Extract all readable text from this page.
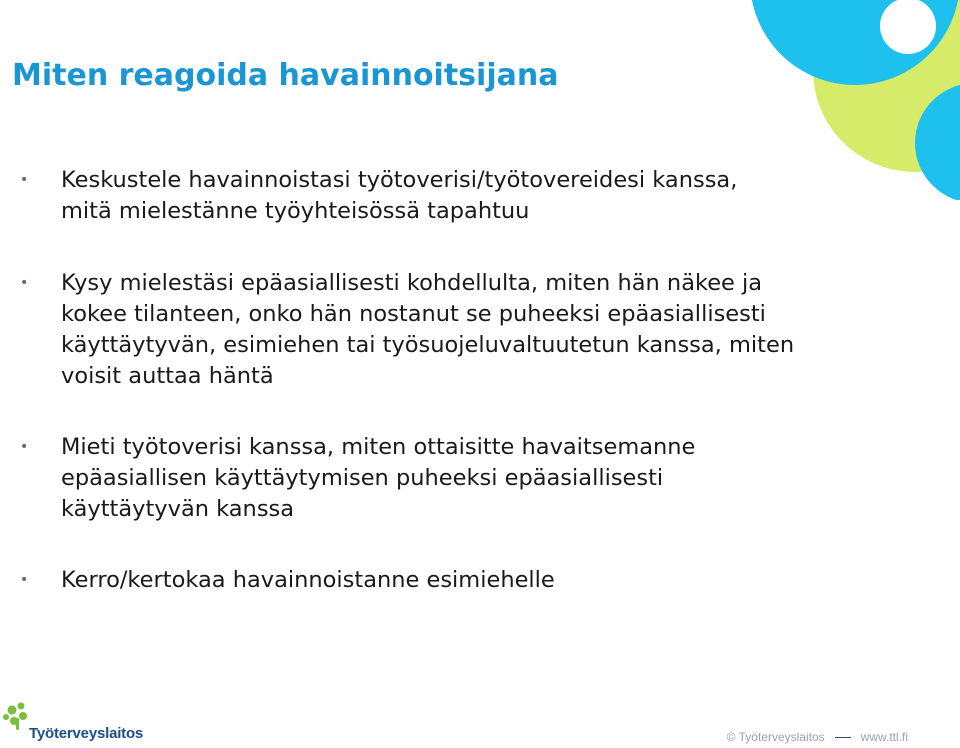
Miten reagoida havainnoitsijana
• Keskustele havainnoistasi työtoverisi/työtovereidesi kanssa, mitä mielestänne työyhteisössä tapahtuu
• Kysy mielestäsi epäasiallisesti kohdellulta, miten hän näkee ja kokee tilanteen, onko hän nostanut se puheeksi epäasiallisesti käyttäytyvän, esimiehen tai työsuojeluvaltuutetun kanssa, miten voisit auttaa häntä
• Mieti työtoverisi kanssa, miten ottaisitte havaitsemanne epäasiallisen käyttäytymisen puheeksi epäasiallisesti käyttäytyvän kanssa
• Kerro/kertokaa havainnoistanne esimiehelle
Työterveyslaitos	© Työterveyslaitos	www.ttl.fi
